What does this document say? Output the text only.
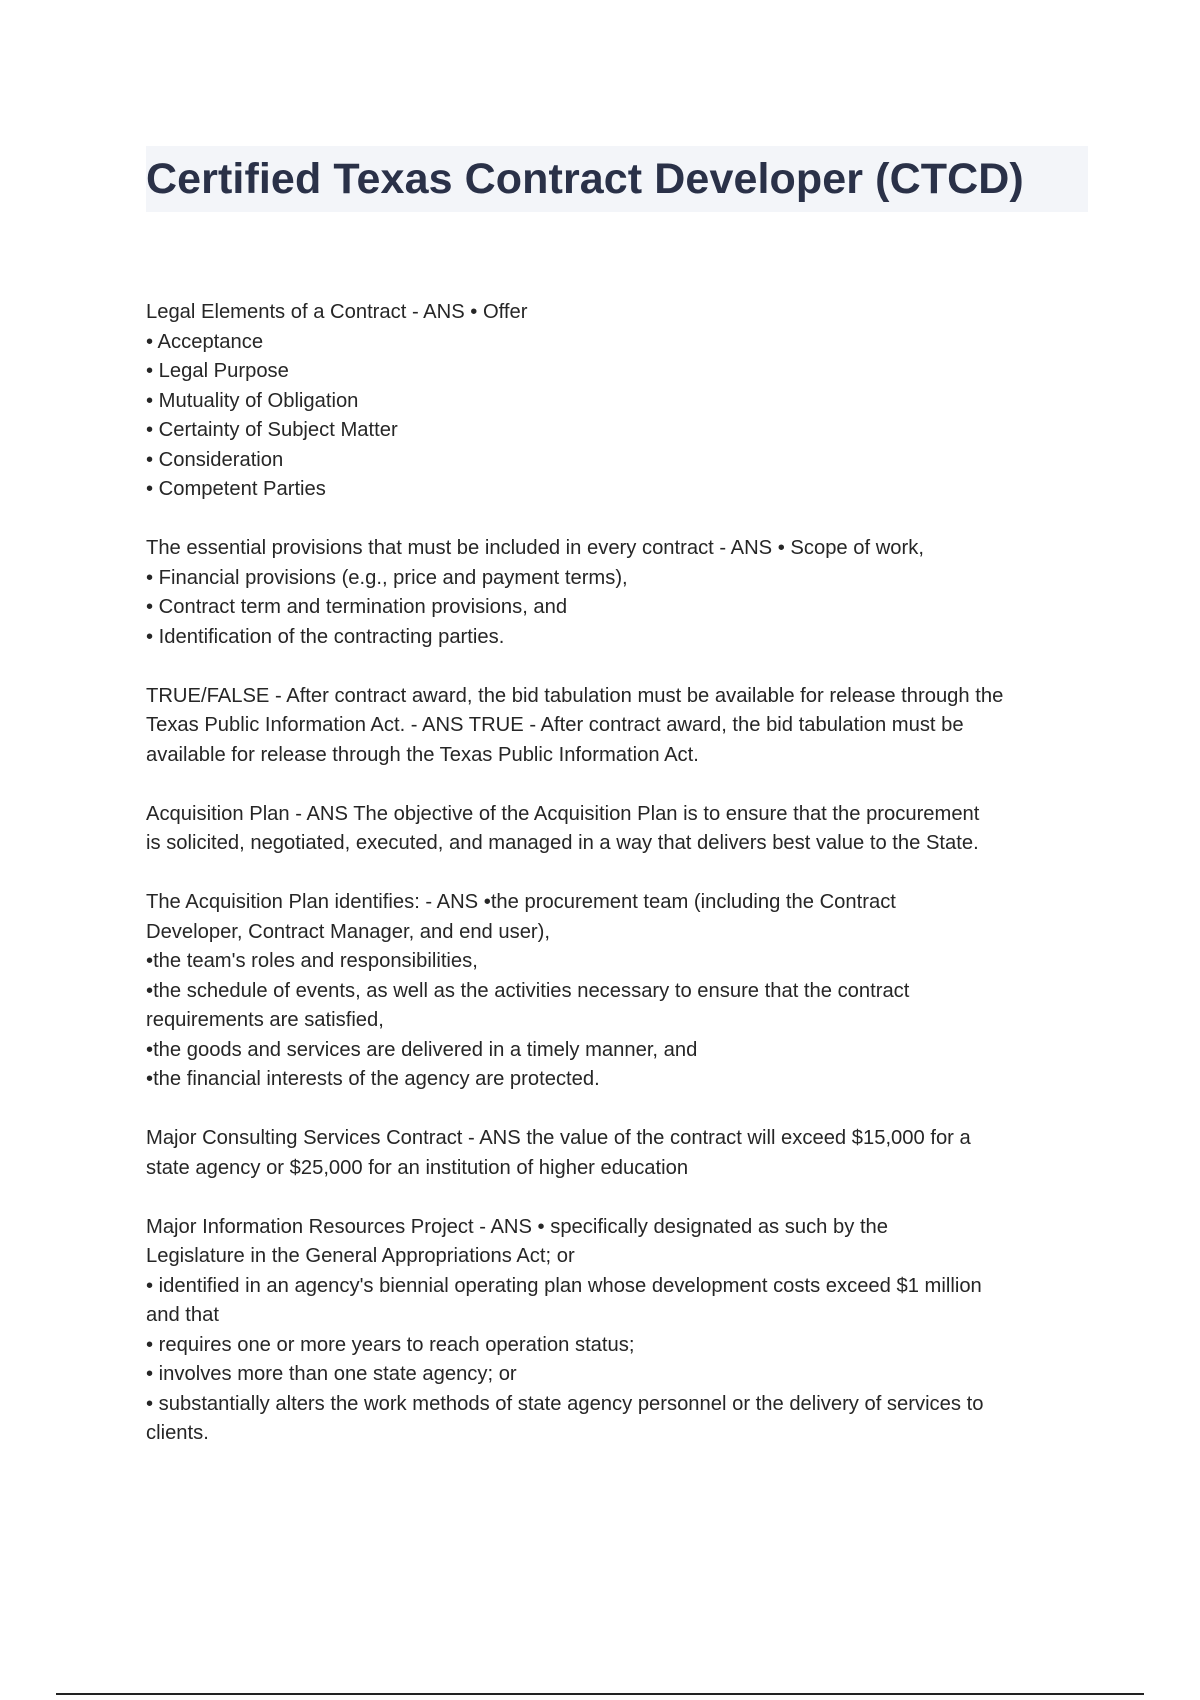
Certified Texas Contract Developer (CTCD)
Legal Elements of a Contract - ANS • Offer
• Acceptance
• Legal Purpose
• Mutuality of Obligation
• Certainty of Subject Matter
• Consideration
• Competent Parties
The essential provisions that must be included in every contract - ANS • Scope of work,
• Financial provisions (e.g., price and payment terms),
• Contract term and termination provisions, and
• Identification of the contracting parties.
TRUE/FALSE - After contract award, the bid tabulation must be available for release through the
Texas Public Information Act. - ANS TRUE - After contract award, the bid tabulation must be
available for release through the Texas Public Information Act.
Acquisition Plan - ANS The objective of the Acquisition Plan is to ensure that the procurement
is solicited, negotiated, executed, and managed in a way that delivers best value to the State.
The Acquisition Plan identifies: - ANS •the procurement team (including the Contract
Developer, Contract Manager, and end user),
•the team's roles and responsibilities,
•the schedule of events, as well as the activities necessary to ensure that the contract
requirements are satisfied,
•the goods and services are delivered in a timely manner, and
•the financial interests of the agency are protected.
Major Consulting Services Contract - ANS the value of the contract will exceed $15,000 for a
state agency or $25,000 for an institution of higher education
Major Information Resources Project - ANS • specifically designated as such by the
Legislature in the General Appropriations Act; or
• identified in an agency's biennial operating plan whose development costs exceed $1 million
and that
• requires one or more years to reach operation status;
• involves more than one state agency; or
• substantially alters the work methods of state agency personnel or the delivery of services to
clients.
